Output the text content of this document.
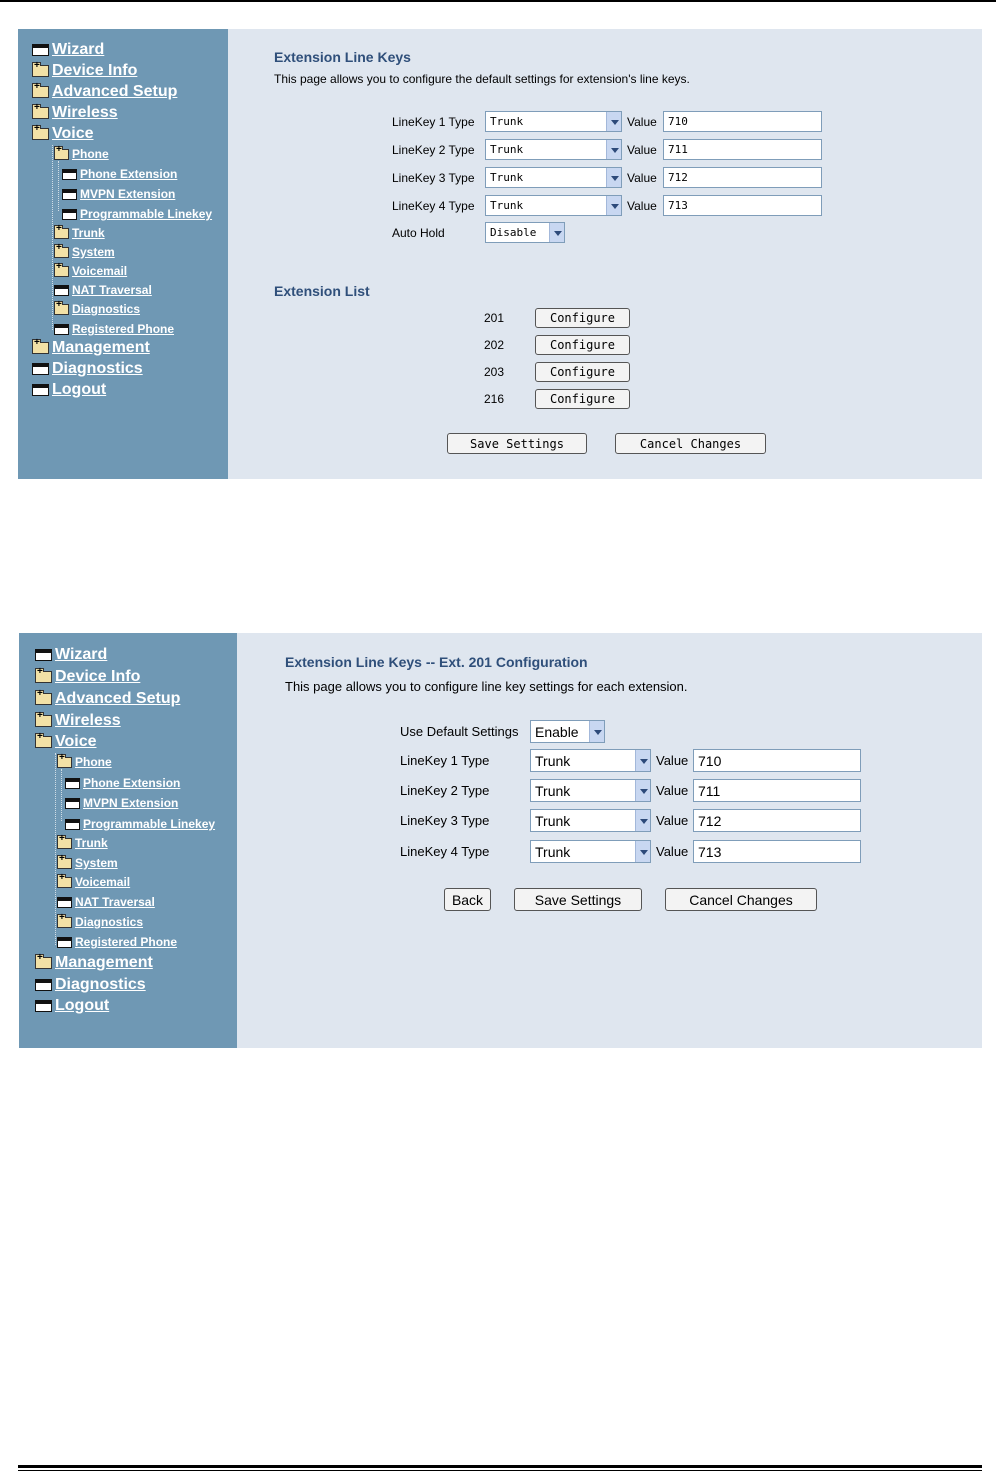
Wizard
+
Device Info
+
Advanced Setup
+
Wireless
+
Voice
+
Phone
Phone Extension
MVPN Extension
Programmable Linekey
+
Trunk
+
System
+
Voicemail
NAT Traversal
+
Diagnostics
Registered Phone
+
Management
Diagnostics
Logout
Extension Line Keys
This page allows you to configure the default settings for extension's line keys.
LineKey 1 Type	Trunk	Value	710
LineKey 2 Type	Trunk	Value	711
LineKey 3 Type	Trunk	Value	712
LineKey 4 Type	Trunk	Value	713
Auto Hold	Disable
Extension List
201	Configure
202	Configure
203	Configure
216	Configure
Save Settings	Cancel Changes
Wizard
+
Device Info
+
Advanced Setup
+
Wireless
+
Voice
+
Phone
Phone Extension
MVPN Extension
Programmable Linekey
+
Trunk
+
System
+
Voicemail
NAT Traversal
+
Diagnostics
Registered Phone
+
Management
Diagnostics
Logout
Extension Line Keys -- Ext. 201 Configuration
This page allows you to configure line key settings for each extension.
Use Default Settings Enable
LineKey 1 Type	Trunk	Value 710
LineKey 2 Type	Trunk	Value 711
LineKey 3 Type	Trunk	Value 712
LineKey 4 Type	Trunk	Value 713
Back	Save Settings	Cancel Changes
